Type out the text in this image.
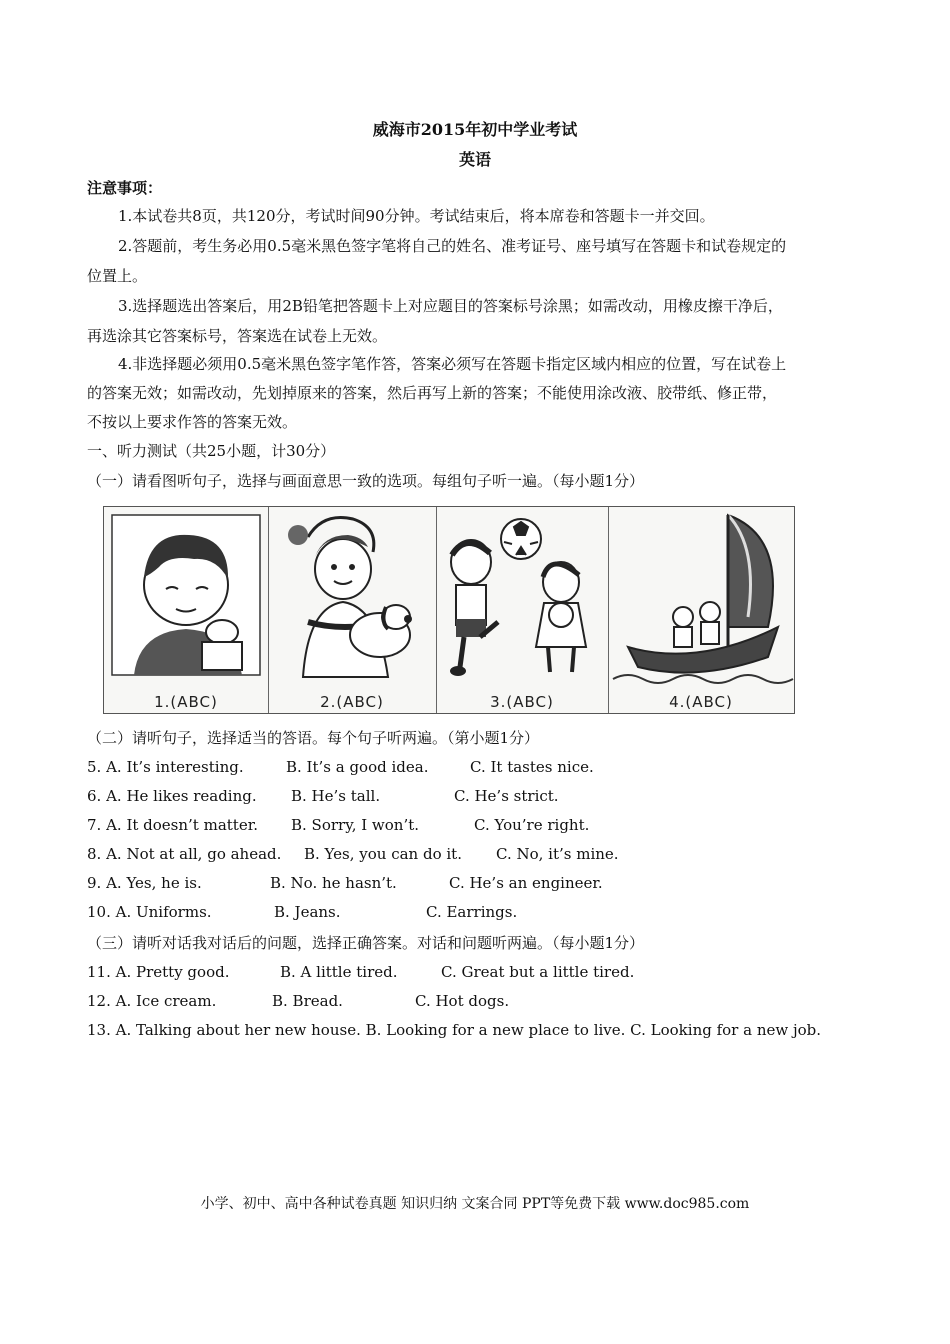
威海市2015年初中学业考试
英语
注意事项：
1.本试卷共8页，共120分，考试时间90分钟。考试结束后，将本席卷和答题卡一并交回。
2.答题前，考生务必用0.5毫米黑色签字笔将自己的姓名、准考证号、座号填写在答题卡和试卷规定的
位置上。
3.选择题选出答案后，用2B铅笔把答题卡上对应题目的答案标号涂黑；如需改动，用橡皮擦干净后，
再选涂其它答案标号，答案选在试卷上无效。
4.非选择题必须用0.5毫米黑色签字笔作答，答案必须写在答题卡指定区域内相应的位置，写在试卷上
的答案无效；如需改动，先划掉原来的答案，然后再写上新的答案；不能使用涂改液、胶带纸、修正带，
不按以上要求作答的答案无效。
一、听力测试（共25小题，计30分）
（一）请看图听句子，选择与画面意思一致的选项。每组句子听一遍。（每小题1分）
1.(ABC)	2.(ABC)	3.(ABC)	4.(ABC)
（二）请听句子，选择适当的答语。每个句子听两遍。（第小题1分）
5. A. It’s interesting.	B. It’s a good idea.	C. It tastes nice.
6. A. He likes reading. B. He’s tall.	C. He’s strict.
7. A. It doesn’t matter. B. Sorry, I won’t.	C. You’re right.
8. A. Not at all, go ahead. B. Yes, you can do it. C. No, it’s mine.
9. A. Yes, he is.	B. No. he hasn’t.	C. He’s an engineer.
10. A. Uniforms.	B. Jeans.	C. Earrings.
（三）请听对话我对话后的问题，选择正确答案。对话和问题听两遍。（每小题1分）
11. A. Pretty good.	B. A little tired.	C. Great but a little tired.
12. A. Ice cream.	B. Bread.	C. Hot dogs.
13. A. Talking about her new house. B. Looking for a new place to live. C. Looking for a new job.
小学、初中、高中各种试卷真题 知识归纳 文案合同 PPT等免费下载 www.doc985.com
